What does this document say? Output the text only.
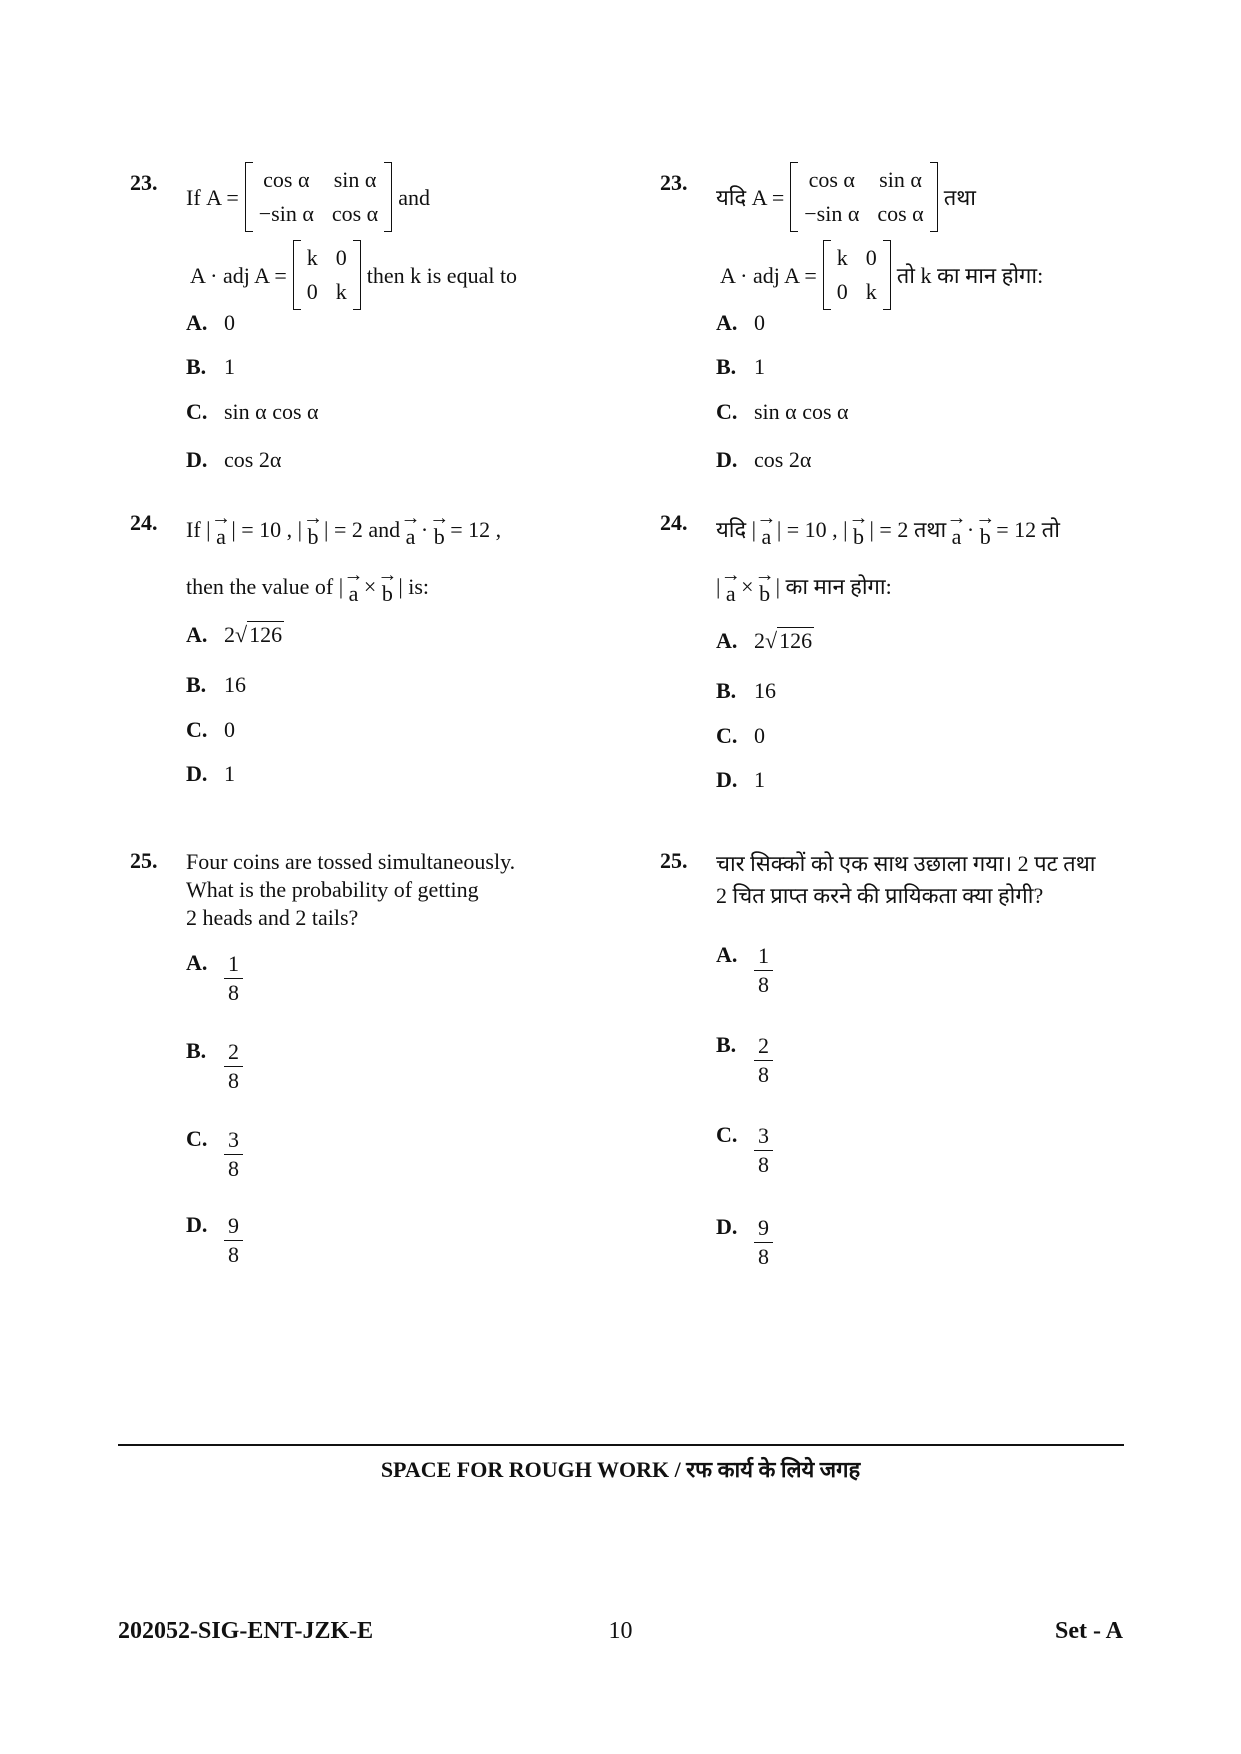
23.
If
A =
cos α sin α
−sin α cos α
and
A · adj A =
k 0
0 k
then k is equal to
A. 0
B. 1
C. sin α cos α
D. cos 2α
24. If
|
→ a
| = 10 , |
→ b
| = 2
and
→ a
·
→ b
= 12 ,
then the value of
|
→ a
×
→ b
|
is:
A. 2 √126
B. 16
C. 0
D. 1
25. Four coins are tossed simultaneously.
What is the probability of getting
2 heads and 2 tails?
A. $\frac{1}{8}$
B. $\frac{2}{8}$
C. $\frac{3}{8}$
D. $\frac{9}{8}$
23.
यदि
A =
cos α sin α
−sin α cos α
तथा
A · adj A =
k 0
0 k
तो k का मान होगा:
A. 0
B. 1
C. sin α cos α
D. cos 2α
24. यदि
|
→ a
| = 10 , |
→ b
| = 2
तथा
→ a
·
→ b
= 12
तो
|
→ a
×
→ b
|
का मान होगा:
A. 2 √126
B. 16
C. 0
D. 1
25. चार सिक्कों को एक साथ उछाला गया। 2 पट तथा
2 चित प्राप्त करने की प्रायिकता क्या होगी?
A. $\frac{1}{8}$
B. $\frac{2}{8}$
C. $\frac{3}{8}$
D. $\frac{9}{8}$
SPACE FOR ROUGH WORK / रफ कार्य के लिये जगह
202052-SIG-ENT-JZK-E	10	Set - A
